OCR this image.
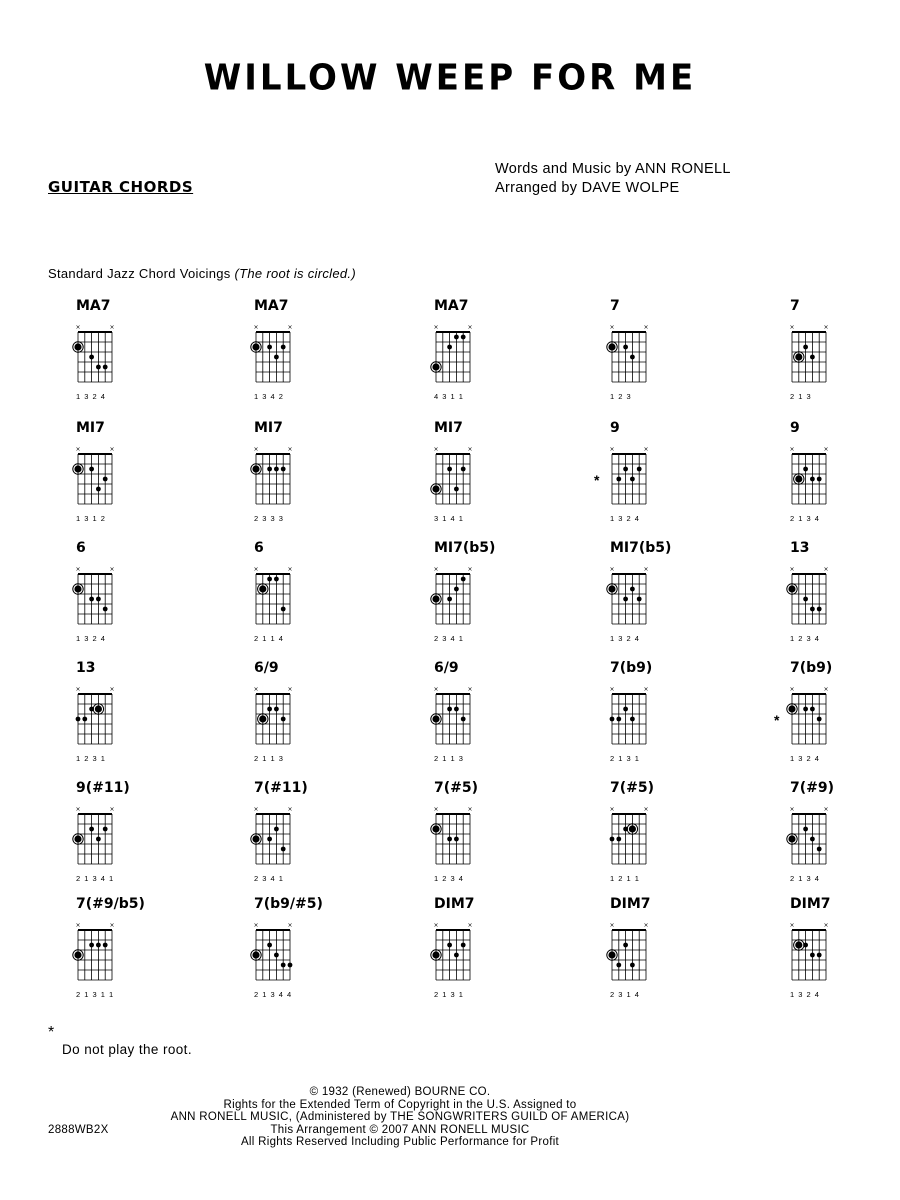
WILLOW WEEP FOR ME
GUITAR CHORDS
Words and Music by ANN RONELL
Arranged by DAVE WOLPE
Standard Jazz Chord Voicings (The root is circled.)
MA7
×	×
1 3 2 4
MA7
×	×
1 3 4 2
MA7
×	×
4 3 1 1
7
×	×
1 2 3
7
×	×
2 1 3
MI7
×	×
1 3 1 2
MI7
×	×
2 3 3 3
MI7
×	×
3 1 4 1
9
×	×
*
1 3 2 4
9
×	×
2 1 3 4
6
×	×
1 3 2 4
6
×	×
2 1 1 4
MI7(b5)
×	×
2 3 4 1
MI7(b5)
×	×
1 3 2 4
13
×	×
1 2 3 4
13
×	×
1 2 3 1
6/9
×	×
2 1 1 3
6/9
×	×
2 1 1 3
7(b9)
×	×
2 1 3 1
7(b9)
×	×
*
1 3 2 4
9(#11)
×	×
2 1 3 4 1
7(#11)
×	×
2 3 4 1
7(#5)
×	×
1 2 3 4
7(#5)
×	×
1 2 1 1
7(#9)
×	×
2 1 3 4
7(#9/b5)
×	×
2 1 3 1 1
7(b9/#5)
×	×
2 1 3 4 4
DIM7
×	×
2 1 3 1
DIM7
×	×
2 3 1 4
DIM7
×	×
1 3 2 4
*
Do not play the root.
© 1932 (Renewed) BOURNE CO.
Rights for the Extended Term of Copyright in the U.S. Assigned to
ANN RONELL MUSIC, (Administered by THE SONGWRITERS GUILD OF AMERICA)
This Arrangement © 2007 ANN RONELL MUSIC
All Rights Reserved Including Public Performance for Profit
2888WB2X
